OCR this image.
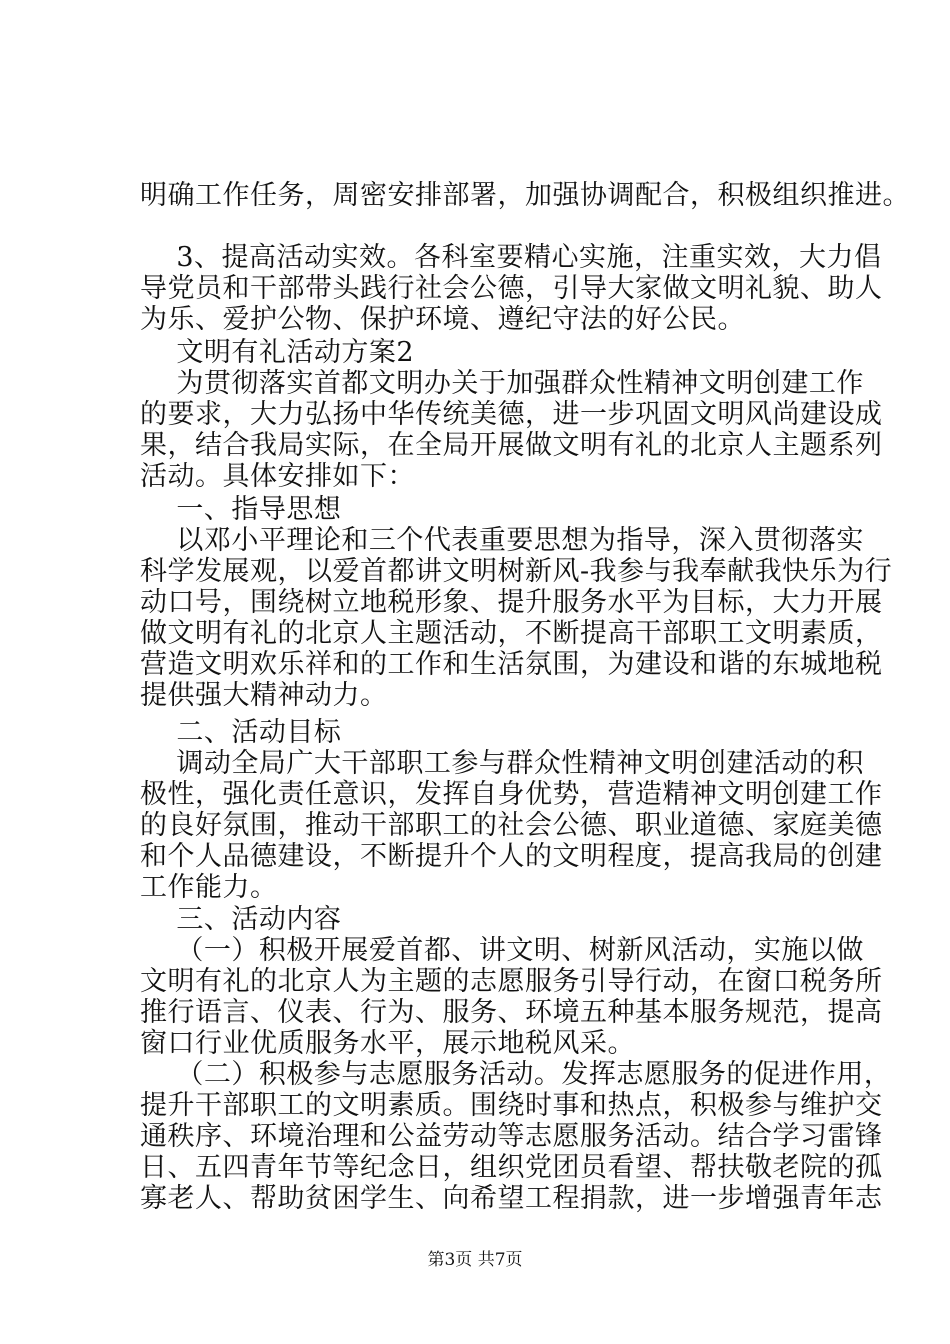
明确工作任务，周密安排部署，加强协调配合，积极组织推进。
3、提高活动实效。各科室要精心实施，注重实效，大力倡
导党员和干部带头践行社会公德，引导大家做文明礼貌、助人
为乐、爱护公物、保护环境、遵纪守法的好公民。
文明有礼活动方案2
为贯彻落实首都文明办关于加强群众性精神文明创建工作
的要求，大力弘扬中华传统美德，进一步巩固文明风尚建设成
果，结合我局实际，在全局开展做文明有礼的北京人主题系列
活动。具体安排如下：
一、指导思想
以邓小平理论和三个代表重要思想为指导，深入贯彻落实
科学发展观，以爱首都讲文明树新风-我参与我奉献我快乐为行
动口号，围绕树立地税形象、提升服务水平为目标，大力开展
做文明有礼的北京人主题活动，不断提高干部职工文明素质，
营造文明欢乐祥和的工作和生活氛围，为建设和谐的东城地税
提供强大精神动力。
二、活动目标
调动全局广大干部职工参与群众性精神文明创建活动的积
极性，强化责任意识，发挥自身优势，营造精神文明创建工作
的良好氛围，推动干部职工的社会公德、职业道德、家庭美德
和个人品德建设，不断提升个人的文明程度，提高我局的创建
工作能力。
三、活动内容
（一）积极开展爱首都、讲文明、树新风活动，实施以做
文明有礼的北京人为主题的志愿服务引导行动，在窗口税务所
推行语言、仪表、行为、服务、环境五种基本服务规范，提高
窗口行业优质服务水平，展示地税风采。
（二）积极参与志愿服务活动。发挥志愿服务的促进作用，
提升干部职工的文明素质。围绕时事和热点，积极参与维护交
通秩序、环境治理和公益劳动等志愿服务活动。结合学习雷锋
日、五四青年节等纪念日，组织党团员看望、帮扶敬老院的孤
寡老人、帮助贫困学生、向希望工程捐款，进一步增强青年志
第3页 共7页
